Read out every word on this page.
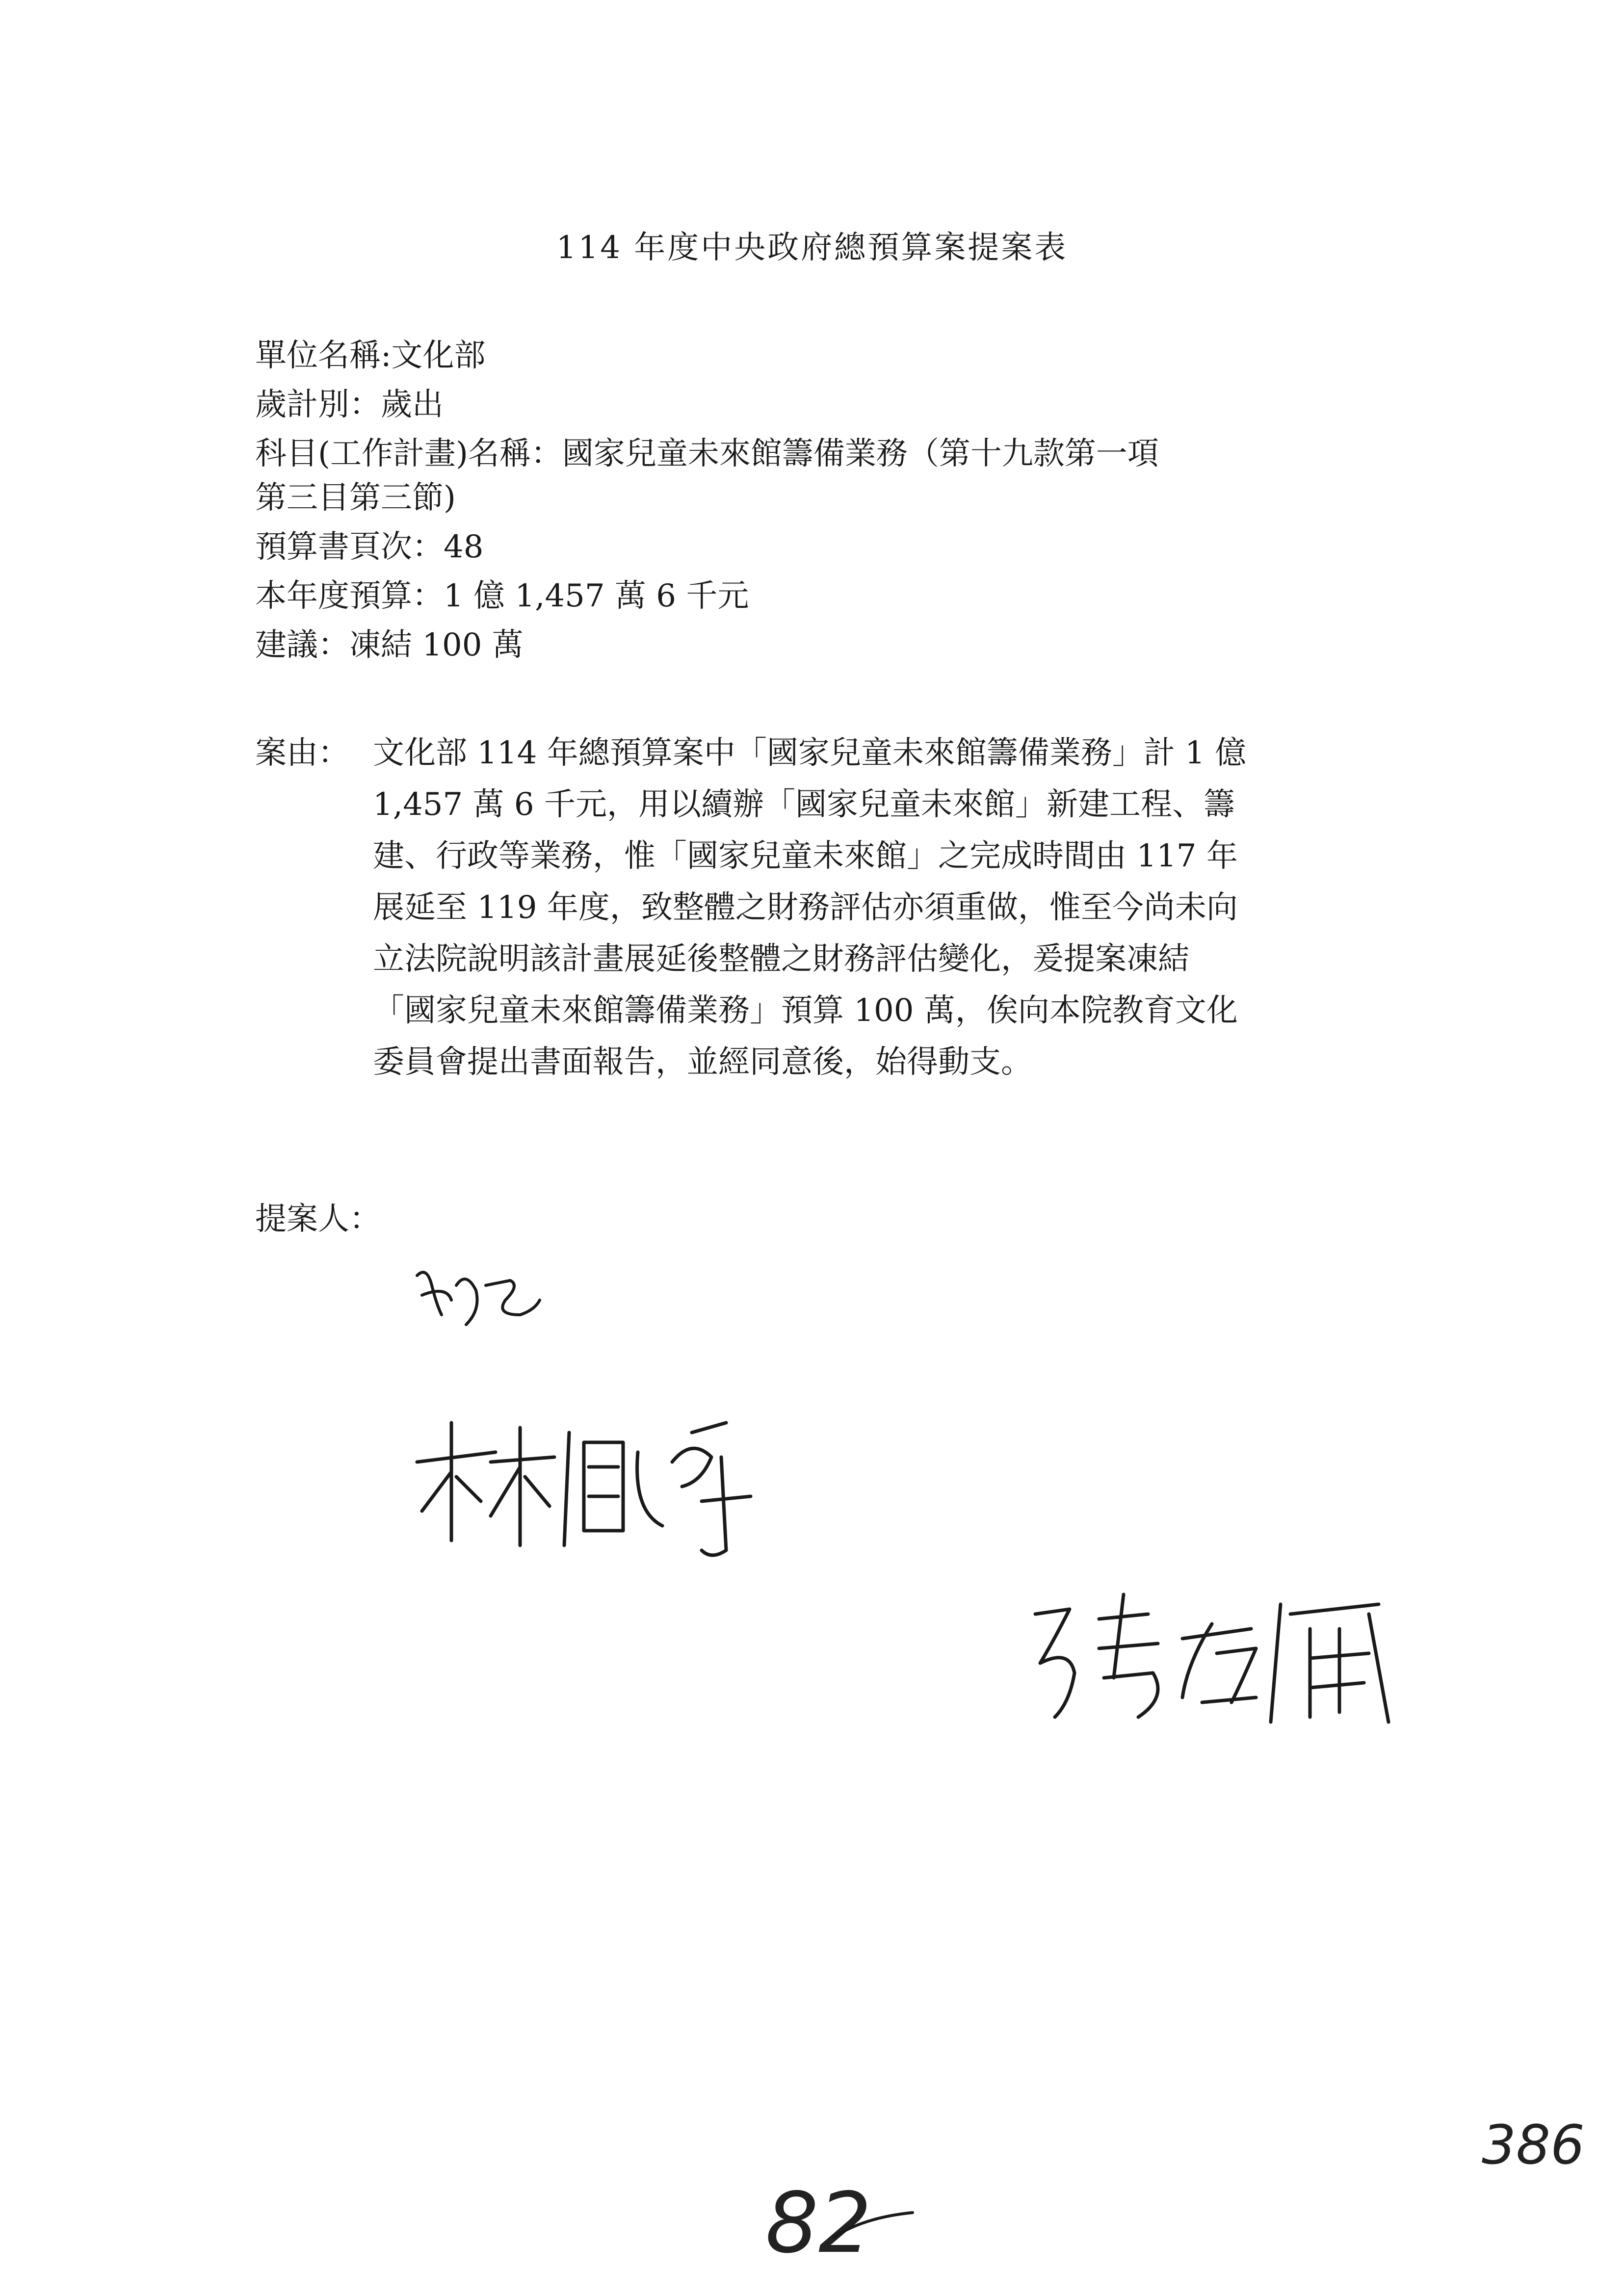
114 年度中央政府總預算案提案表
單位名稱:文化部
歲計別：歲出
科目(工作計畫)名稱：國家兒童未來館籌備業務（第十九款第一項
第三目第三節)
預算書頁次：48
本年度預算：1 億 1,457 萬 6 千元
建議：凍結 100 萬
案由： 文化部 114 年總預算案中「國家兒童未來館籌備業務」計 1 億
1,457 萬 6 千元，用以續辦「國家兒童未來館」新建工程、籌
建、行政等業務，惟「國家兒童未來館」之完成時間由 117 年
展延至 119 年度，致整體之財務評估亦須重做，惟至今尚未向
立法院說明該計畫展延後整體之財務評估變化，爰提案凍結
「國家兒童未來館籌備業務」預算 100 萬，俟向本院教育文化
委員會提出書面報告，並經同意後，始得動支。
提案人：
82
386
